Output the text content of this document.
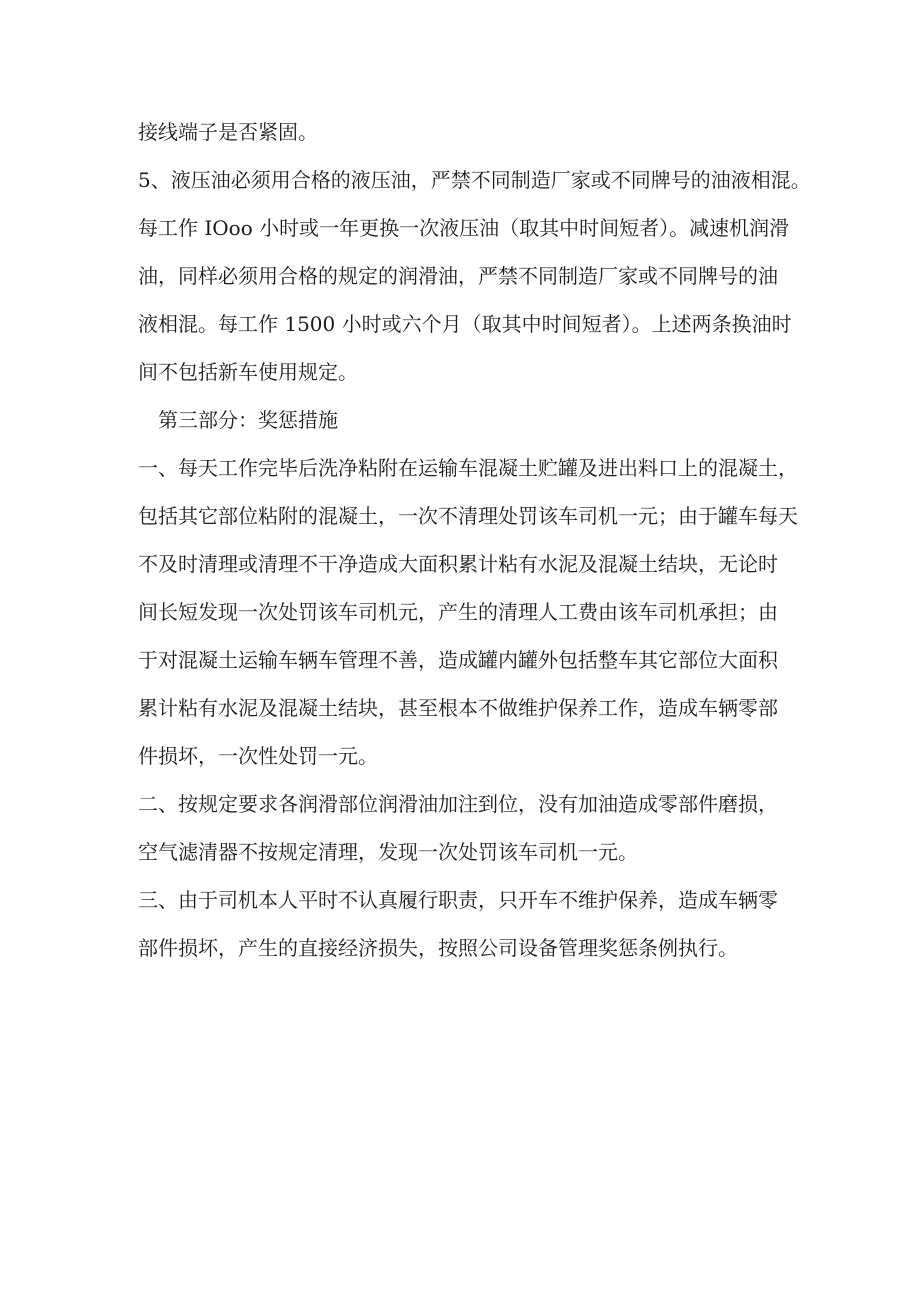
接线端子是否紧固。
5、液压油必须用合格的液压油，严禁不同制造厂家或不同牌号的油液相混。
每工作 IOoo 小时或一年更换一次液压油（取其中时间短者）。减速机润滑
油，同样必须用合格的规定的润滑油，严禁不同制造厂家或不同牌号的油
液相混。每工作 1500 小时或六个月（取其中时间短者）。上述两条换油时
间不包括新车使用规定。
第三部分：奖惩措施
一、每天工作完毕后洗净粘附在运输车混凝土贮罐及进出料口上的混凝土，
包括其它部位粘附的混凝土，一次不清理处罚该车司机一元；由于罐车每天
不及时清理或清理不干净造成大面积累计粘有水泥及混凝土结块，无论时
间长短发现一次处罚该车司机元，产生的清理人工费由该车司机承担；由
于对混凝土运输车辆车管理不善，造成罐内罐外包括整车其它部位大面积
累计粘有水泥及混凝土结块，甚至根本不做维护保养工作，造成车辆零部
件损坏，一次性处罚一元。
二、按规定要求各润滑部位润滑油加注到位，没有加油造成零部件磨损，
空气滤清器不按规定清理，发现一次处罚该车司机一元。
三、由于司机本人平时不认真履行职责，只开车不维护保养，造成车辆零
部件损坏，产生的直接经济损失，按照公司设备管理奖惩条例执行。
